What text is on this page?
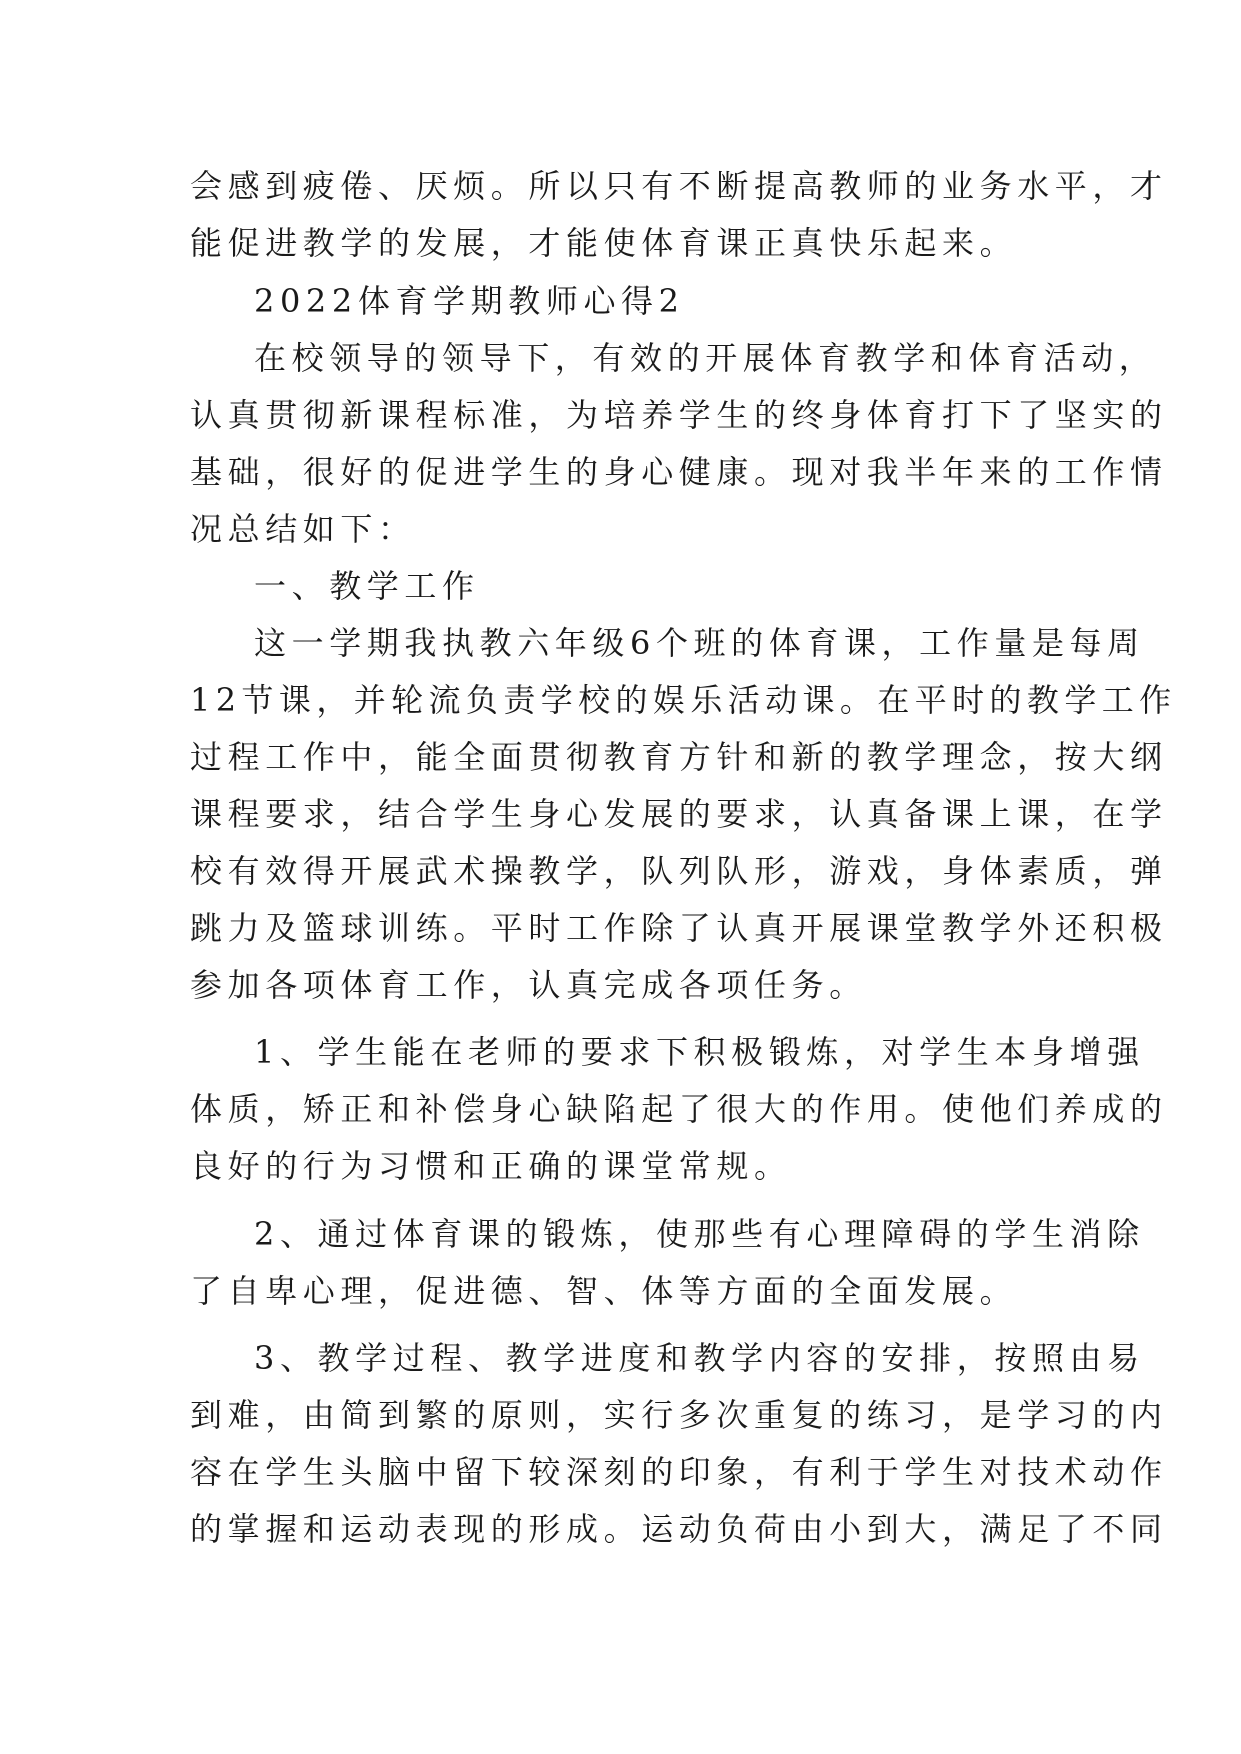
会感到疲倦、厌烦。所以只有不断提高教师的业务水平，才
能促进教学的发展，才能使体育课正真快乐起来。
2022体育学期教师心得2
在校领导的领导下，有效的开展体育教学和体育活动，
认真贯彻新课程标准，为培养学生的终身体育打下了坚实的
基础，很好的促进学生的身心健康。现对我半年来的工作情
况总结如下：
一、教学工作
这一学期我执教六年级6个班的体育课，工作量是每周
12节课，并轮流负责学校的娱乐活动课。在平时的教学工作
过程工作中，能全面贯彻教育方针和新的教学理念，按大纲
课程要求，结合学生身心发展的要求，认真备课上课，在学
校有效得开展武术操教学，队列队形，游戏，身体素质，弹
跳力及篮球训练。平时工作除了认真开展课堂教学外还积极
参加各项体育工作，认真完成各项任务。
1、学生能在老师的要求下积极锻炼，对学生本身增强
体质，矫正和补偿身心缺陷起了很大的作用。使他们养成的
良好的行为习惯和正确的课堂常规。
2、通过体育课的锻炼，使那些有心理障碍的学生消除
了自卑心理，促进德、智、体等方面的全面发展。
3、教学过程、教学进度和教学内容的安排，按照由易
到难，由简到繁的原则，实行多次重复的练习，是学习的内
容在学生头脑中留下较深刻的印象，有利于学生对技术动作
的掌握和运动表现的形成。运动负荷由小到大，满足了不同
